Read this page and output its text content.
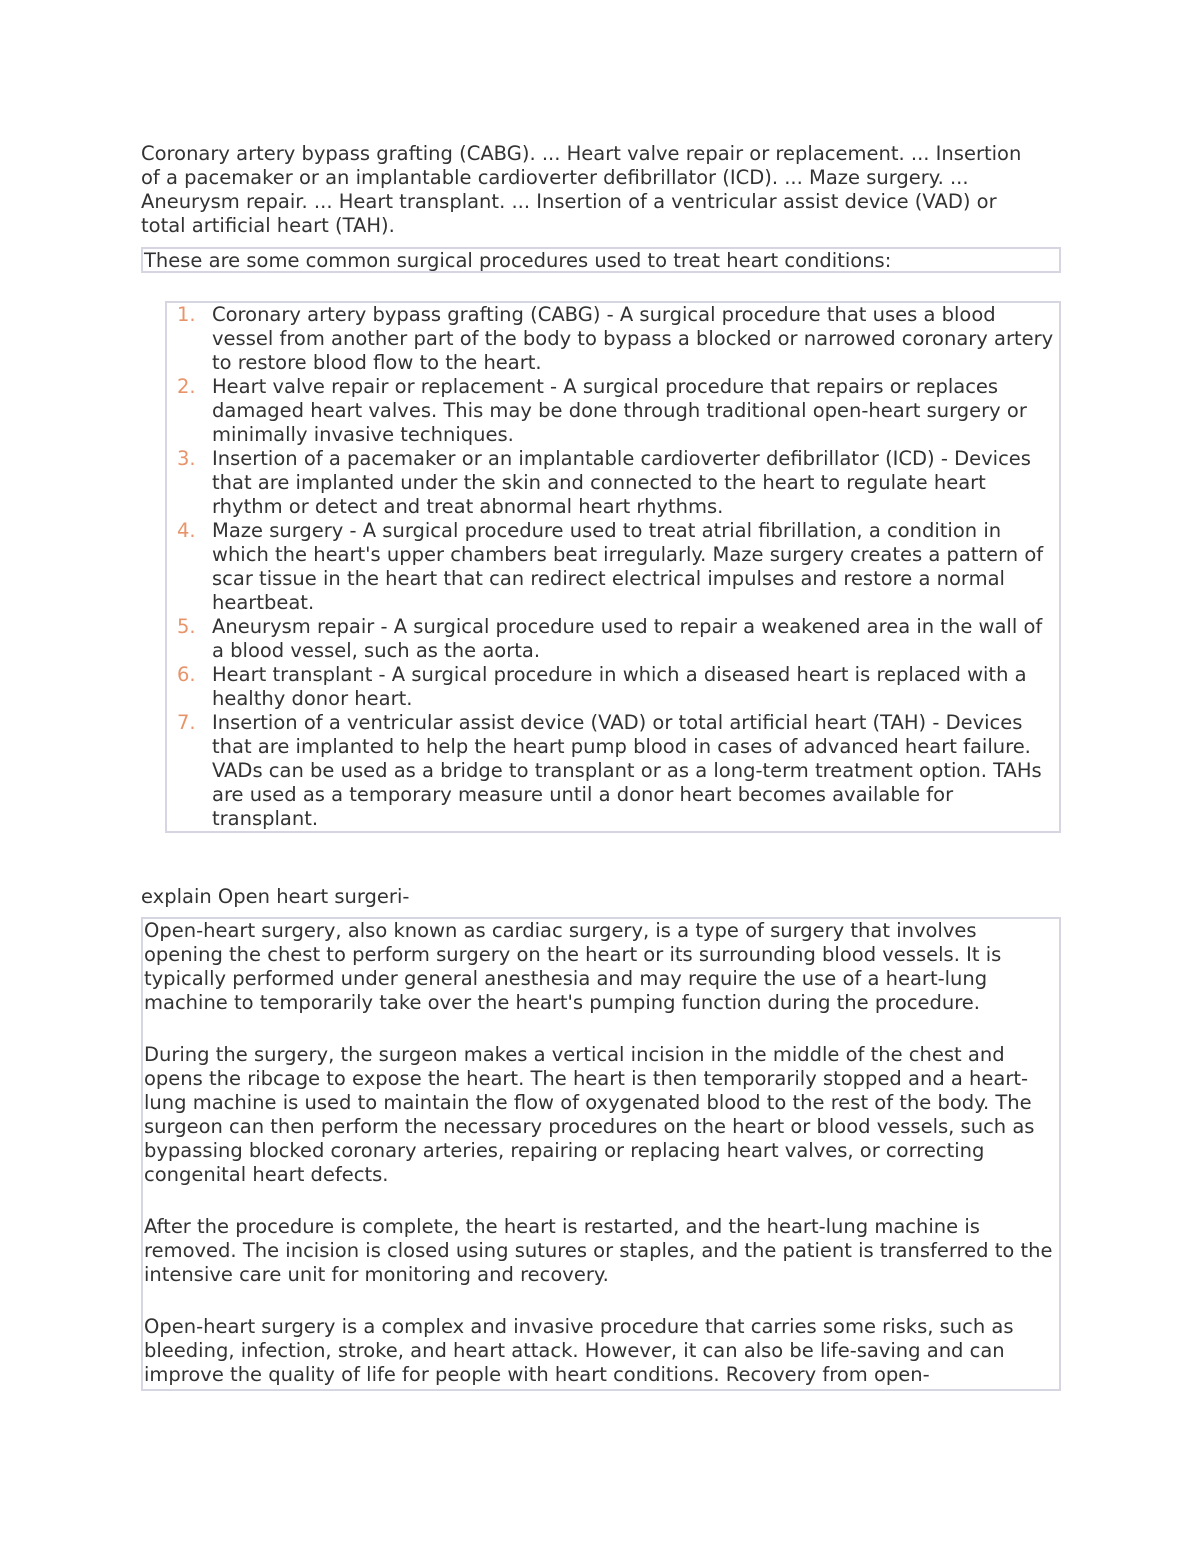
Coronary artery bypass grafting (CABG). ... Heart valve repair or replacement. ... Insertion of a pacemaker or an implantable cardioverter defibrillator (ICD). ... Maze surgery. ... Aneurysm repair. ... Heart transplant. ... Insertion of a ventricular assist device (VAD) or total artificial heart (TAH).

These are some common surgical procedures used to treat heart conditions:
1. Coronary artery bypass grafting (CABG) - A surgical procedure that uses a blood vessel from another part of the body to bypass a blocked or narrowed coronary artery to restore blood flow to the heart.
2. Heart valve repair or replacement - A surgical procedure that repairs or replaces damaged heart valves. This may be done through traditional open-heart surgery or minimally invasive techniques.
3. Insertion of a pacemaker or an implantable cardioverter defibrillator (ICD) - Devices that are implanted under the skin and connected to the heart to regulate heart rhythm or detect and treat abnormal heart rhythms.
4. Maze surgery - A surgical procedure used to treat atrial fibrillation, a condition in which the heart's upper chambers beat irregularly. Maze surgery creates a pattern of scar tissue in the heart that can redirect electrical impulses and restore a normal heartbeat.
5. Aneurysm repair - A surgical procedure used to repair a weakened area in the wall of a blood vessel, such as the aorta.
6. Heart transplant - A surgical procedure in which a diseased heart is replaced with a healthy donor heart.
7. Insertion of a ventricular assist device (VAD) or total artificial heart (TAH) - Devices that are implanted to help the heart pump blood in cases of advanced heart failure. VADs can be used as a bridge to transplant or as a long-term treatment option. TAHs are used as a temporary measure until a donor heart becomes available for transplant.

explain Open heart surgeri-

Open-heart surgery, also known as cardiac surgery, is a type of surgery that involves opening the chest to perform surgery on the heart or its surrounding blood vessels. It is typically performed under general anesthesia and may require the use of a heart-lung machine to temporarily take over the heart's pumping function during the procedure.

During the surgery, the surgeon makes a vertical incision in the middle of the chest and opens the ribcage to expose the heart. The heart is then temporarily stopped and a heart-lung machine is used to maintain the flow of oxygenated blood to the rest of the body. The surgeon can then perform the necessary procedures on the heart or blood vessels, such as bypassing blocked coronary arteries, repairing or replacing heart valves, or correcting congenital heart defects.

After the procedure is complete, the heart is restarted, and the heart-lung machine is removed. The incision is closed using sutures or staples, and the patient is transferred to the intensive care unit for monitoring and recovery.

Open-heart surgery is a complex and invasive procedure that carries some risks, such as bleeding, infection, stroke, and heart attack. However, it can also be life-saving and can improve the quality of life for people with heart conditions. Recovery from open-
